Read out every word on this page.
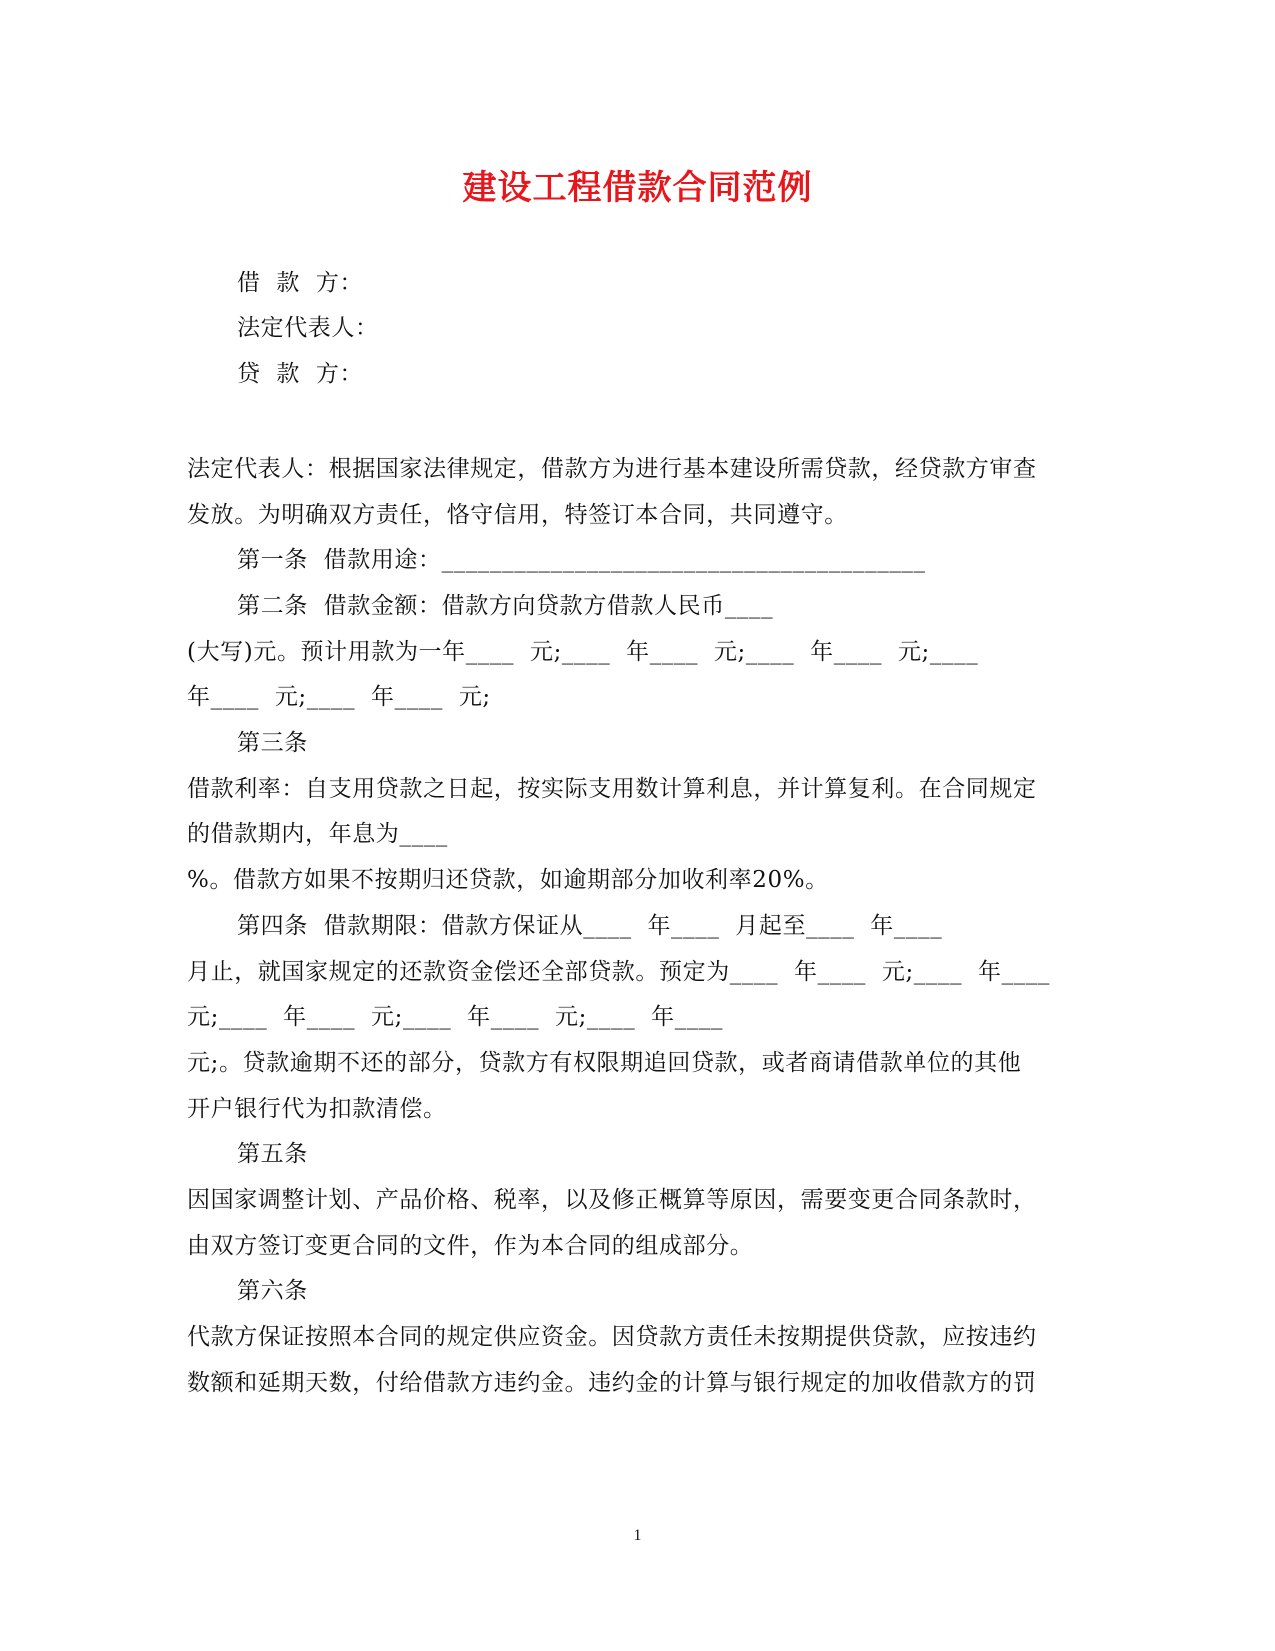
建设工程借款合同范例
借  款  方：
法定代表人：
贷  款  方：
法定代表人：根据国家法律规定，借款方为进行基本建设所需贷款，经贷款方审查
发放。为明确双方责任，恪守信用，特签订本合同，共同遵守。
第一条  借款用途：________________________________________
第二条  借款金额：借款方向贷款方借款人民币____
(大写)元。预计用款为一年____  元;____  年____  元;____  年____  元;____
年____  元;____  年____  元;
第三条
借款利率：自支用贷款之日起，按实际支用数计算利息，并计算复利。在合同规定
的借款期内，年息为____
%。借款方如果不按期归还贷款，如逾期部分加收利率20%。
第四条  借款期限：借款方保证从____  年____  月起至____  年____
月止，就国家规定的还款资金偿还全部贷款。预定为____  年____  元;____  年____
元;____  年____  元;____  年____  元;____  年____
元;。贷款逾期不还的部分，贷款方有权限期追回贷款，或者商请借款单位的其他
开户银行代为扣款清偿。
第五条
因国家调整计划、产品价格、税率，以及修正概算等原因，需要变更合同条款时，
由双方签订变更合同的文件，作为本合同的组成部分。
第六条
代款方保证按照本合同的规定供应资金。因贷款方责任未按期提供贷款，应按违约
数额和延期天数，付给借款方违约金。违约金的计算与银行规定的加收借款方的罚
1
